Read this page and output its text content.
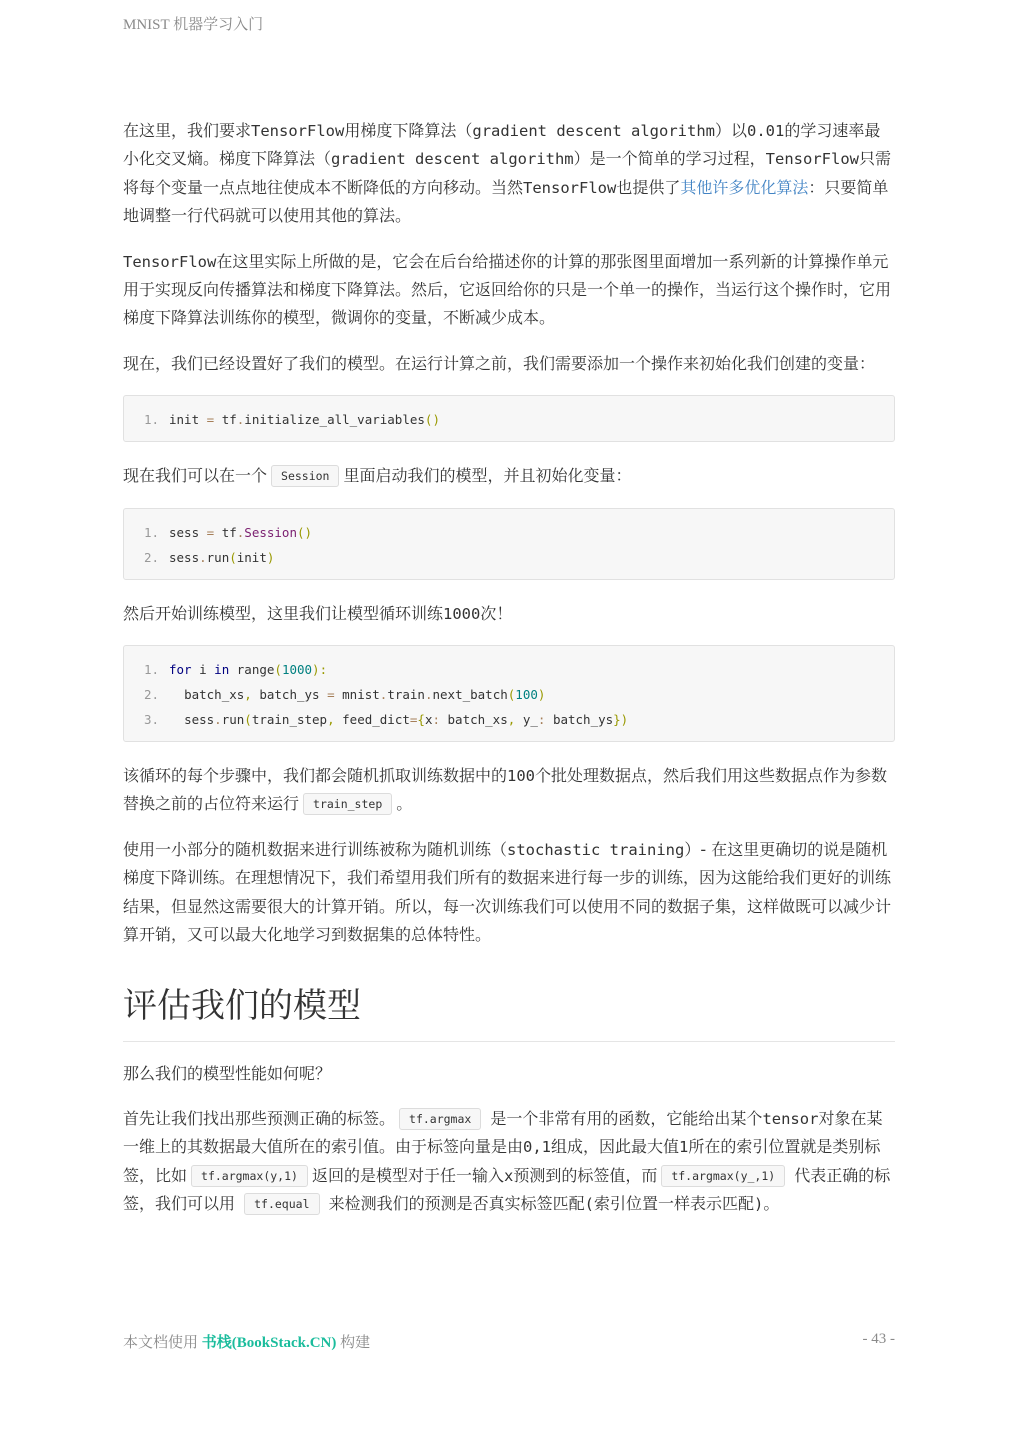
MNIST 机器学习入门

在这里，我们要求TensorFlow用梯度下降算法（gradient descent algorithm）以0.01的学习速率最小化交叉熵。梯度下降算法（gradient descent algorithm）是一个简单的学习过程，TensorFlow只需将每个变量一点点地往使成本不断降低的方向移动。当然TensorFlow也提供了其他许多优化算法：只要简单地调整一行代码就可以使用其他的算法。

TensorFlow在这里实际上所做的是，它会在后台给描述你的计算的那张图里面增加一系列新的计算操作单元用于实现反向传播算法和梯度下降算法。然后，它返回给你的只是一个单一的操作，当运行这个操作时，它用梯度下降算法训练你的模型，微调你的变量，不断减少成本。

现在，我们已经设置好了我们的模型。在运行计算之前，我们需要添加一个操作来初始化我们创建的变量：

1. init = tf.initialize_all_variables()

现在我们可以在一个 Session 里面启动我们的模型，并且初始化变量：

1. sess = tf.Session()
2. sess.run(init)

然后开始训练模型，这里我们让模型循环训练1000次！

1. for i in range(1000):
2. batch_xs, batch_ys = mnist.train.next_batch(100)
3. sess.run(train_step, feed_dict={x: batch_xs, y_: batch_ys})

该循环的每个步骤中，我们都会随机抓取训练数据中的100个批处理数据点，然后我们用这些数据点作为参数替换之前的占位符来运行 train_step 。

使用一小部分的随机数据来进行训练被称为随机训练（stochastic training）- 在这里更确切的说是随机梯度下降训练。在理想情况下，我们希望用我们所有的数据来进行每一步的训练，因为这能给我们更好的训练结果，但显然这需要很大的计算开销。所以，每一次训练我们可以使用不同的数据子集，这样做既可以减少计算开销，又可以最大化地学习到数据集的总体特性。

评估我们的模型

那么我们的模型性能如何呢？

首先让我们找出那些预测正确的标签。 tf.argmax 是一个非常有用的函数，它能给出某个tensor对象在某一维上的其数据最大值所在的索引值。由于标签向量是由0,1组成，因此最大值1所在的索引位置就是类别标签，比如 tf.argmax(y,1) 返回的是模型对于任一输入x预测到的标签值，而 tf.argmax(y_,1) 代表正确的标签，我们可以用 tf.equal 来检测我们的预测是否真实标签匹配(索引位置一样表示匹配)。

本文档使用 书栈(BookStack.CN) 构建	- 43 -
